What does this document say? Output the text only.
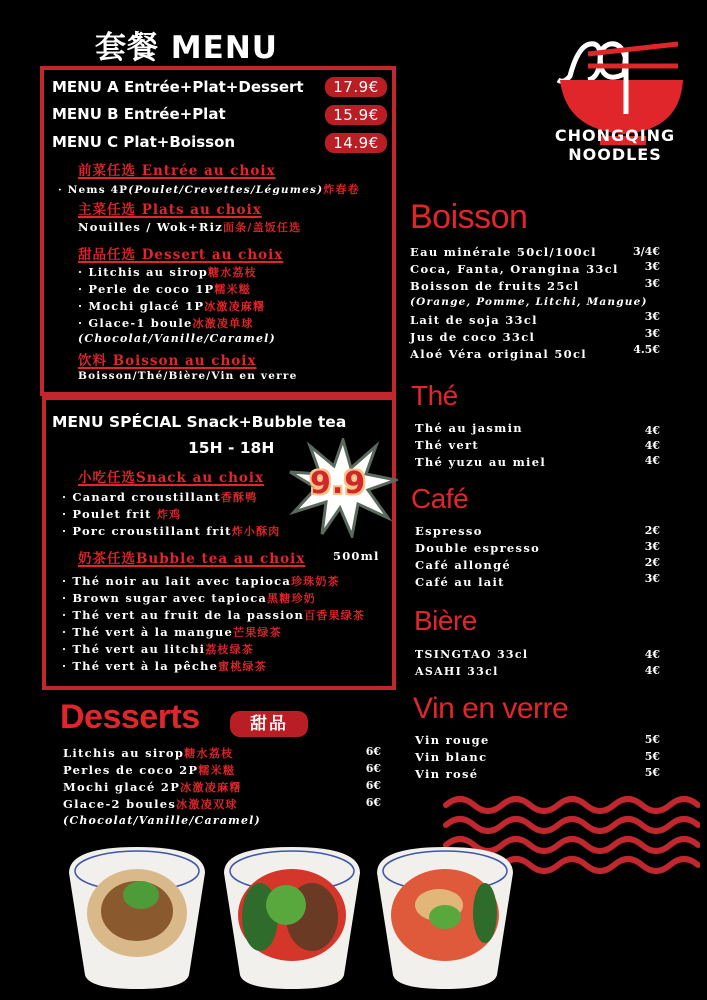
套餐 MENU
CHONGQING
NOODLES
MENU A Entrée+Plat+Dessert	17.9€
MENU B Entrée+Plat	15.9€
MENU C Plat+Boisson	14.9€
前菜任选 Entrée au choix
· Nems 4P(Poulet/Crevettes/Légumes)炸春卷
主菜任选 Plats au choix
Nouilles / Wok+Riz面条/盖饭任选
甜品任选 Dessert au choix
· Litchis au sirop糖水荔枝
· Perle de coco 1P糯米糍
· Mochi glacé 1P冰激凌麻糬
· Glace-1 boule冰激凌单球
(Chocolat/Vanille/Caramel)
饮料 Boisson au choix
Boisson/Thé/Bière/Vin en verre
MENU SPÉCIAL Snack+Bubble tea
15H - 18H
9.9
小吃任选Snack au choix
· Canard croustillant香酥鸭
· Poulet frit 炸鸡
· Porc croustillant frit炸小酥肉
奶茶任选Bubble tea au choix 500ml
· Thé noir au lait avec tapioca珍珠奶茶
· Brown sugar avec tapioca黑糖珍奶
· Thé vert au fruit de la passion百香果绿茶
· Thé vert à la mangue芒果绿茶
· Thé vert au litchi荔枝绿茶
· Thé vert à la pêche蜜桃绿茶
Desserts	甜品
Litchis au sirop糖水荔枝	6€
Perles de coco 2P糯米糍	6€
Mochi glacé 2P冰激凌麻糬	6€
Glace-2 boules冰激凌双球	6€
(Chocolat/Vanille/Caramel)
Boisson
Eau minérale 50cl/100cl	3/4€
Coca, Fanta, Orangina 33cl	3€
Boisson de fruits 25cl	3€
(Orange, Pomme, Litchi, Mangue)
Lait de soja 33cl	3€
Jus de coco 33cl	3€
Aloé Véra original 50cl	4.5€
Thé
Thé au jasmin	4€
Thé vert	4€
Thé yuzu au miel	4€
Café
Espresso	2€
Double espresso	3€
Café allongé	2€
Café au lait	3€
Bière
TSINGTAO 33cl	4€
ASAHI 33cl	4€
Vin en verre
Vin rouge	5€
Vin blanc	5€
Vin rosé	5€
